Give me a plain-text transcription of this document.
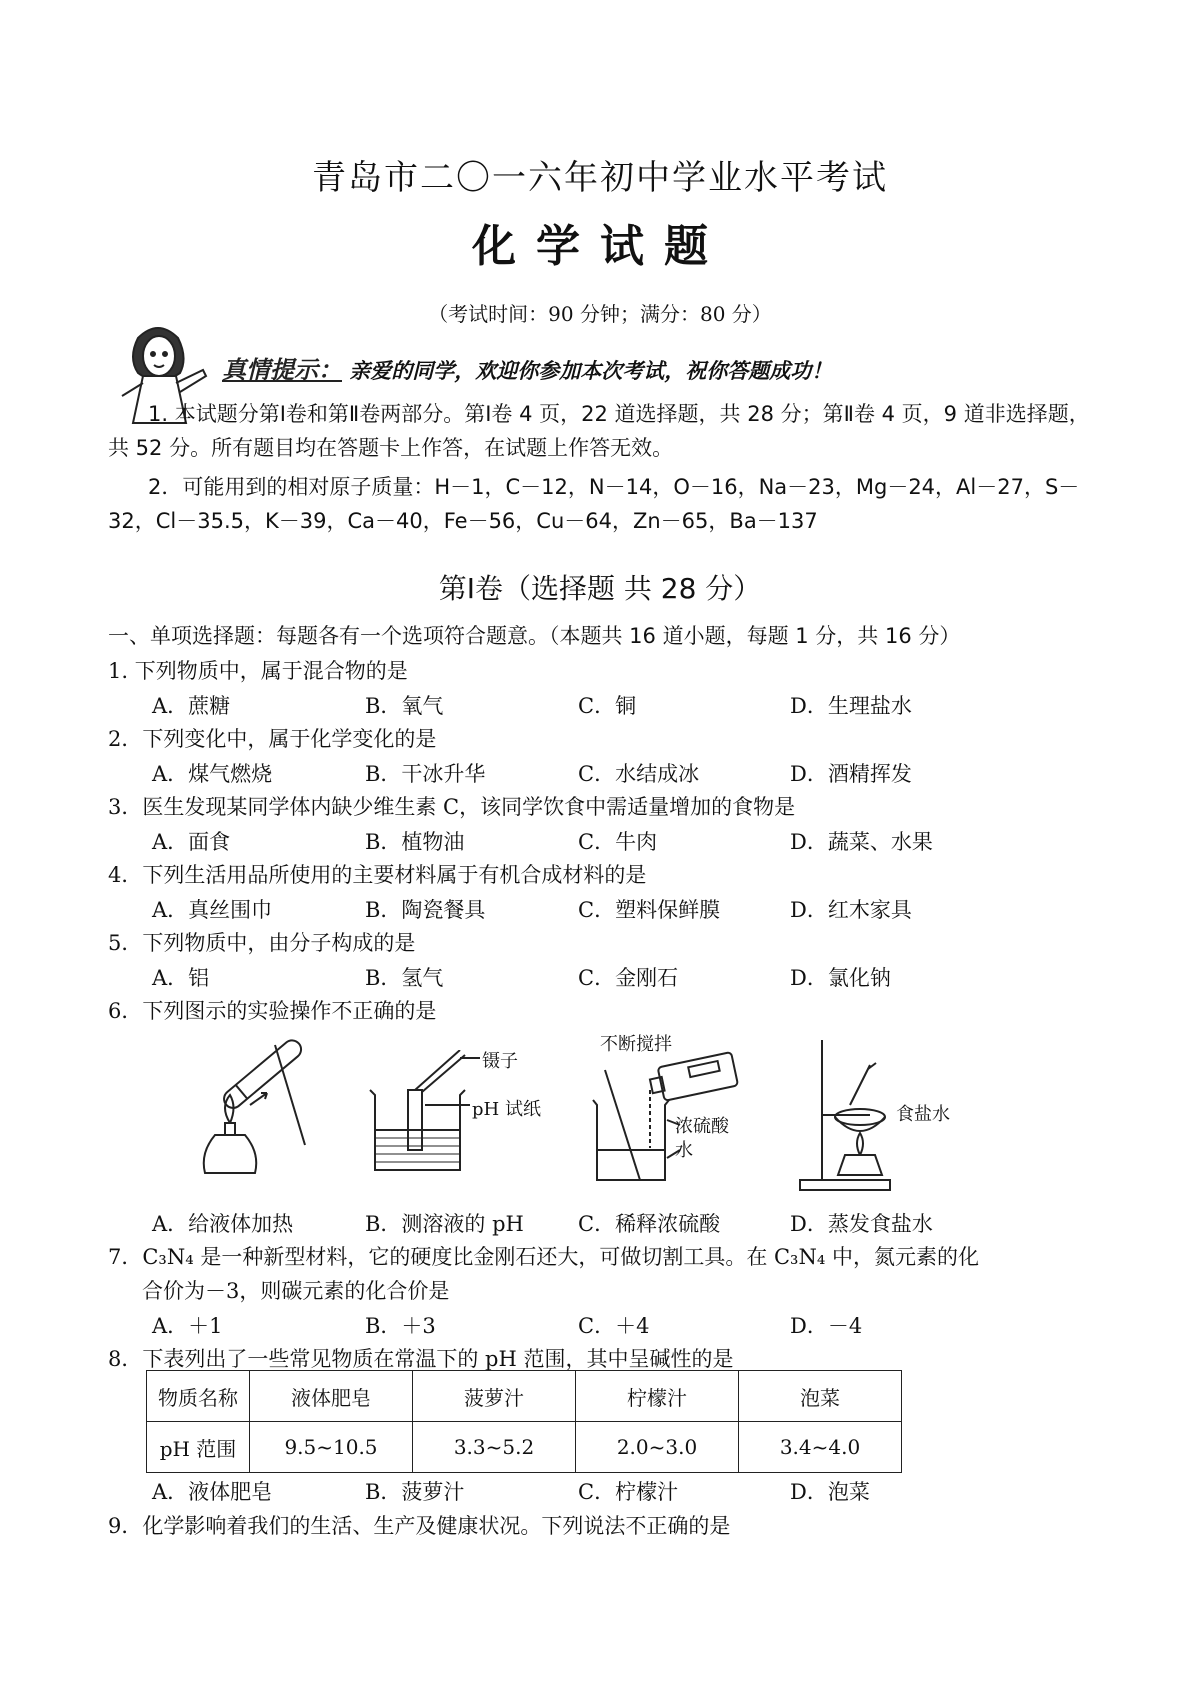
青岛市二〇一六年初中学业水平考试
化学试题
（考试时间：90 分钟；满分：80 分）
真情提示： 亲爱的同学，欢迎你参加本次考试，祝你答题成功！
1. 本试题分第Ⅰ卷和第Ⅱ卷两部分。第Ⅰ卷 4 页，22 道选择题，共 28 分；第Ⅱ卷 4 页，9 道非选择题，共 52 分。所有题目均在答题卡上作答，在试题上作答无效。
2．可能用到的相对原子质量：H－1，C－12，N－14，O－16，Na－23，Mg－24，Al－27，S－32，Cl－35.5，K－39，Ca－40，Fe－56，Cu－64，Zn－65，Ba－137
第Ⅰ卷（选择题 共 28 分）
一、单项选择题：每题各有一个选项符合题意。（本题共 16 道小题，每题 1 分，共 16 分）
1. 下列物质中，属于混合物的是
A．蔗糖	B．氧气	C．铜	D．生理盐水
2．下列变化中，属于化学变化的是
A．煤气燃烧	B．干冰升华	C．水结成冰	D．酒精挥发
3．医生发现某同学体内缺少维生素 C，该同学饮食中需适量增加的食物是
A．面食	B．植物油	C．牛肉	D．蔬菜、水果
4．下列生活用品所使用的主要材料属于有机合成材料的是
A．真丝围巾	B．陶瓷餐具	C．塑料保鲜膜	D．红木家具
5．下列物质中，由分子构成的是
A．铝	B．氢气	C．金刚石	D．氯化钠
6．下列图示的实验操作不正确的是
镊子
pH 试纸
不断搅拌
浓硫酸
水
食盐水
A．给液体加热	B．测溶液的 pH	C．稀释浓硫酸	D．蒸发食盐水
7．C₃N₄ 是一种新型材料，它的硬度比金刚石还大，可做切割工具。在 C₃N₄ 中，氮元素的化
合价为－3，则碳元素的化合价是
A．＋1	B．＋3	C．＋4	D．－4
8．下表列出了一些常见物质在常温下的 pH 范围，其中呈碱性的是
物质名称	液体肥皂	菠萝汁	柠檬汁	泡菜
pH 范围	9.5~10.5	3.3~5.2	2.0~3.0	3.4~4.0
A．液体肥皂	B．菠萝汁	C．柠檬汁	D．泡菜
9．化学影响着我们的生活、生产及健康状况。下列说法不正确的是
